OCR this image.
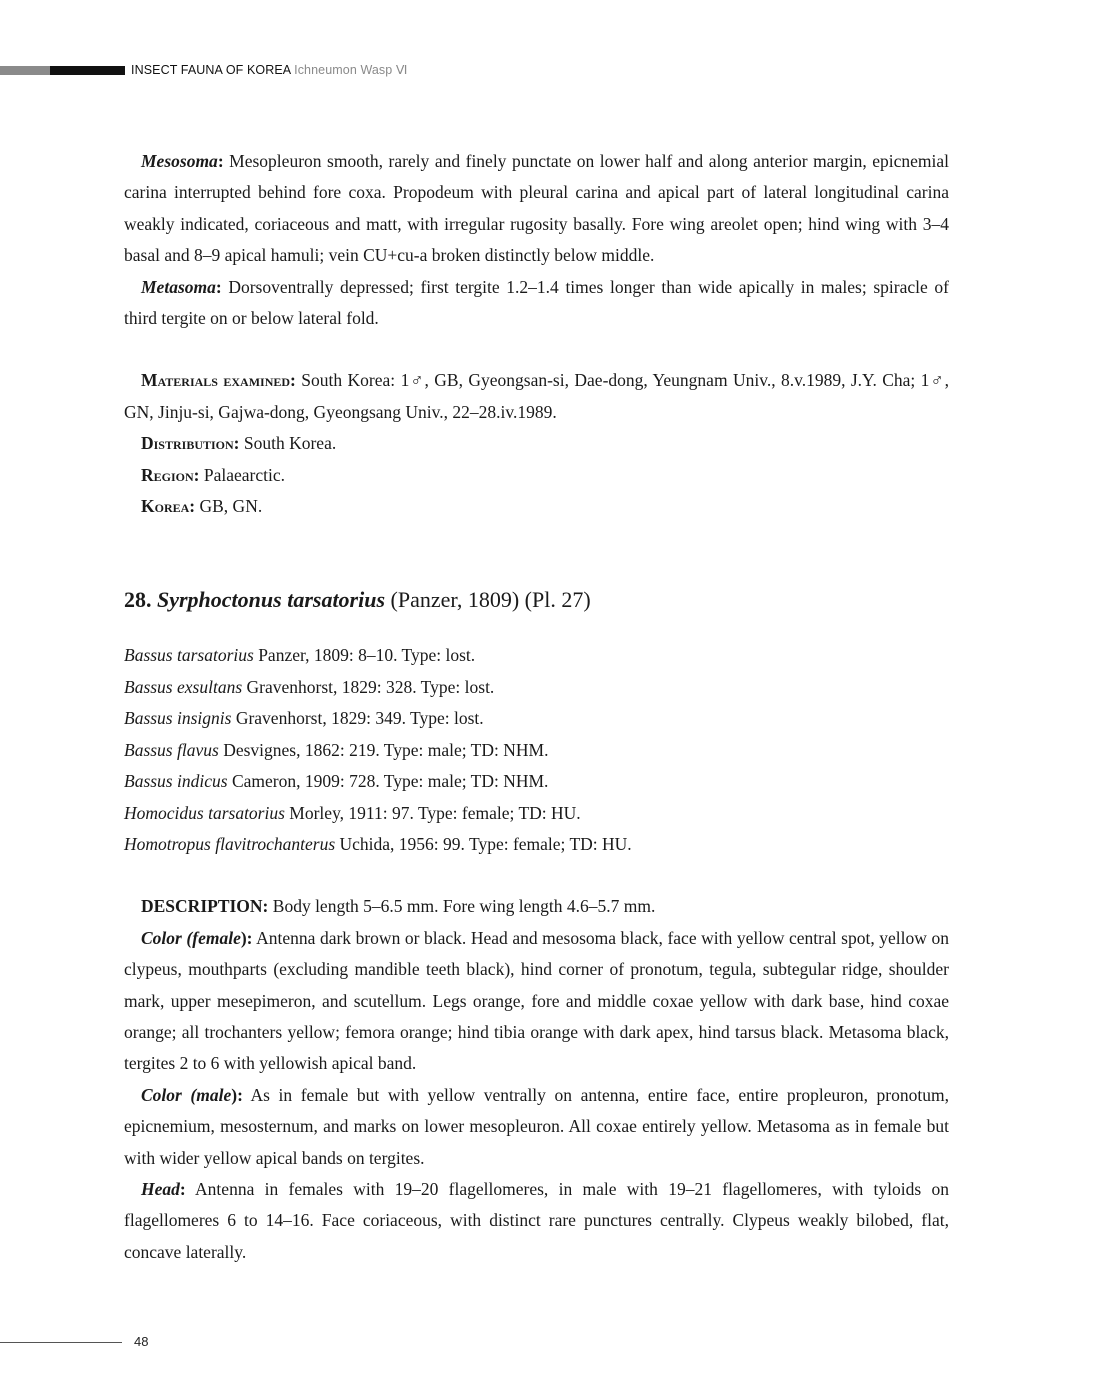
INSECT FAUNA OF KOREA Ichneumon Wasp Ⅵ

Mesosoma: Mesopleuron smooth, rarely and finely punctate on lower half and along anterior margin, epicnemial carina interrupted behind fore coxa. Propodeum with pleural carina and apical part of lateral longitudinal carina weakly indicated, coriaceous and matt, with irregular rugosity basally. Fore wing areolet open; hind wing with 3–4 basal and 8–9 apical hamuli; vein CU+cu-a broken distinctly below middle.

Metasoma: Dorsoventrally depressed; first tergite 1.2–1.4 times longer than wide apically in males; spiracle of third tergite on or below lateral fold.

Materials examined: South Korea: 1♂, GB, Gyeongsan-si, Dae-dong, Yeungnam Univ., 8.v.1989, J.Y. Cha; 1♂, GN, Jinju-si, Gajwa-dong, Gyeongsang Univ., 22–28.iv.1989.

Distribution: South Korea.

Region: Palaearctic.

Korea: GB, GN.

28. Syrphoctonus tarsatorius (Panzer, 1809) (Pl. 27)

Bassus tarsatorius Panzer, 1809: 8–10. Type: lost.

Bassus exsultans Gravenhorst, 1829: 328. Type: lost.

Bassus insignis Gravenhorst, 1829: 349. Type: lost.

Bassus flavus Desvignes, 1862: 219. Type: male; TD: NHM.

Bassus indicus Cameron, 1909: 728. Type: male; TD: NHM.

Homocidus tarsatorius Morley, 1911: 97. Type: female; TD: HU.

Homotropus flavitrochanterus Uchida, 1956: 99. Type: female; TD: HU.

DESCRIPTION: Body length 5–6.5 mm. Fore wing length 4.6–5.7 mm.

Color (female): Antenna dark brown or black. Head and mesosoma black, face with yellow central spot, yellow on clypeus, mouthparts (excluding mandible teeth black), hind corner of pronotum, tegula, subtegular ridge, shoulder mark, upper mesepimeron, and scutellum. Legs orange, fore and middle coxae yellow with dark base, hind coxae orange; all trochanters yellow; femora orange; hind tibia orange with dark apex, hind tarsus black. Metasoma black, tergites 2 to 6 with yellowish apical band.

Color (male): As in female but with yellow ventrally on antenna, entire face, entire propleuron, pronotum, epicnemium, mesosternum, and marks on lower mesopleuron. All coxae entirely yellow. Metasoma as in female but with wider yellow apical bands on tergites.

Head: Antenna in females with 19–20 flagellomeres, in male with 19–21 flagellomeres, with tyloids on flagellomeres 6 to 14–16. Face coriaceous, with distinct rare punctures centrally. Clypeus weakly bilobed, flat, concave laterally.

48
